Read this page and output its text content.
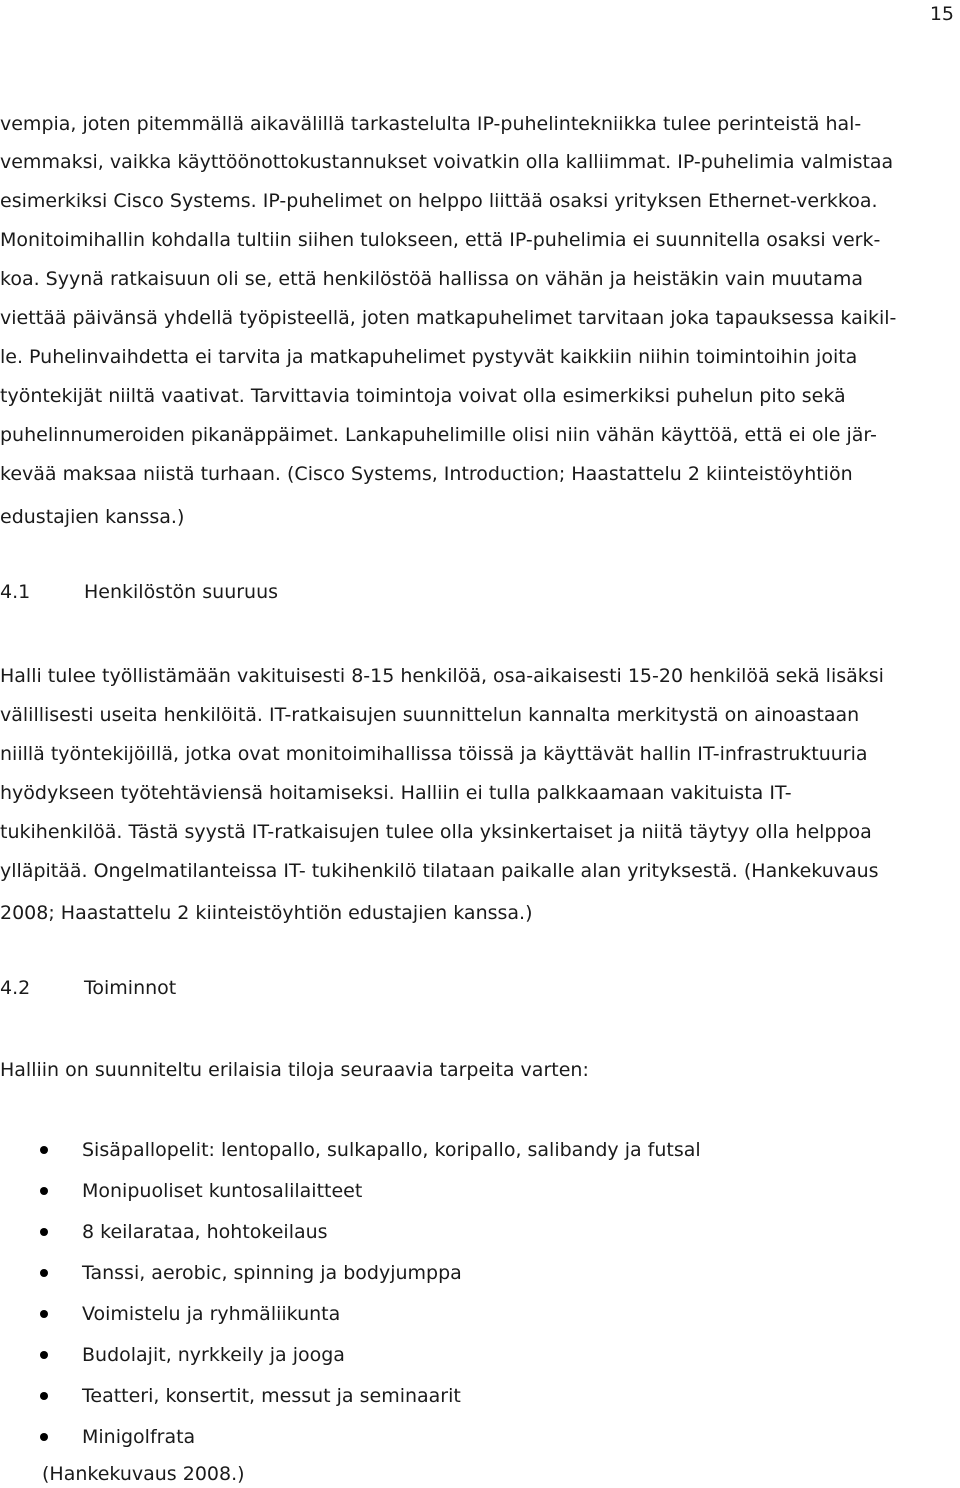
15
vempia, joten pitemmällä aikavälillä tarkastelulta IP-puhelintekniikka tulee perinteistä hal-
vemmaksi, vaikka käyttöönottokustannukset voivatkin olla kalliimmat. IP-puhelimia valmistaa
esimerkiksi Cisco Systems. IP-puhelimet on helppo liittää osaksi yrityksen Ethernet-verkkoa.
Monitoimihallin kohdalla tultiin siihen tulokseen, että IP-puhelimia ei suunnitella osaksi verk-
koa. Syynä ratkaisuun oli se, että henkilöstöä hallissa on vähän ja heistäkin vain muutama
viettää päivänsä yhdellä työpisteellä, joten matkapuhelimet tarvitaan joka tapauksessa kaikil-
le. Puhelinvaihdetta ei tarvita ja matkapuhelimet pystyvät kaikkiin niihin toimintoihin joita
työntekijät niiltä vaativat. Tarvittavia toimintoja voivat olla esimerkiksi puhelun pito sekä
puhelinnumeroiden pikanäppäimet. Lankapuhelimille olisi niin vähän käyttöä, että ei ole jär-
kevää maksaa niistä turhaan. (Cisco Systems, Introduction; Haastattelu 2 kiinteistöyhtiön
edustajien kanssa.)
4.1	Henkilöstön suuruus
Halli tulee työllistämään vakituisesti 8-15 henkilöä, osa-aikaisesti 15-20 henkilöä sekä lisäksi
välillisesti useita henkilöitä. IT-ratkaisujen suunnittelun kannalta merkitystä on ainoastaan
niillä työntekijöillä, jotka ovat monitoimihallissa töissä ja käyttävät hallin IT-infrastruktuuria
hyödykseen työtehtäviensä hoitamiseksi. Halliin ei tulla palkkaamaan vakituista IT-
tukihenkilöä. Tästä syystä IT-ratkaisujen tulee olla yksinkertaiset ja niitä täytyy olla helppoa
ylläpitää. Ongelmatilanteissa IT- tukihenkilö tilataan paikalle alan yrityksestä. (Hankekuvaus
2008; Haastattelu 2 kiinteistöyhtiön edustajien kanssa.)
4.2	Toiminnot
Halliin on suunniteltu erilaisia tiloja seuraavia tarpeita varten:
Sisäpallopelit: lentopallo, sulkapallo, koripallo, salibandy ja futsal
Monipuoliset kuntosalilaitteet
8 keilarataa, hohtokeilaus
Tanssi, aerobic, spinning ja bodyjumppa
Voimistelu ja ryhmäliikunta
Budolajit, nyrkkeily ja jooga
Teatteri, konsertit, messut ja seminaarit
Minigolfrata
(Hankekuvaus 2008.)
